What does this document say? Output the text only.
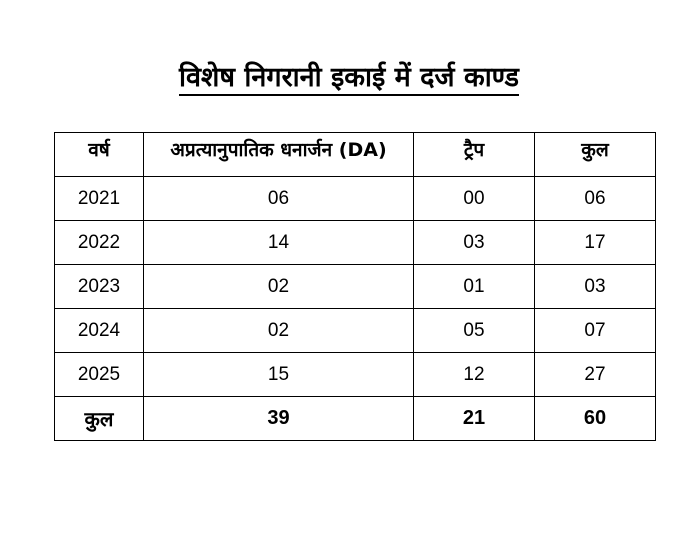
विशेष निगरानी इकाई में दर्ज काण्ड
वर्ष	अप्रत्यानुपातिक धनार्जन (DA)	ट्रैप	कुल
2021	06	00	06
2022	14	03	17
2023	02	01	03
2024	02	05	07
2025	15	12	27
कुल	39	21	60
